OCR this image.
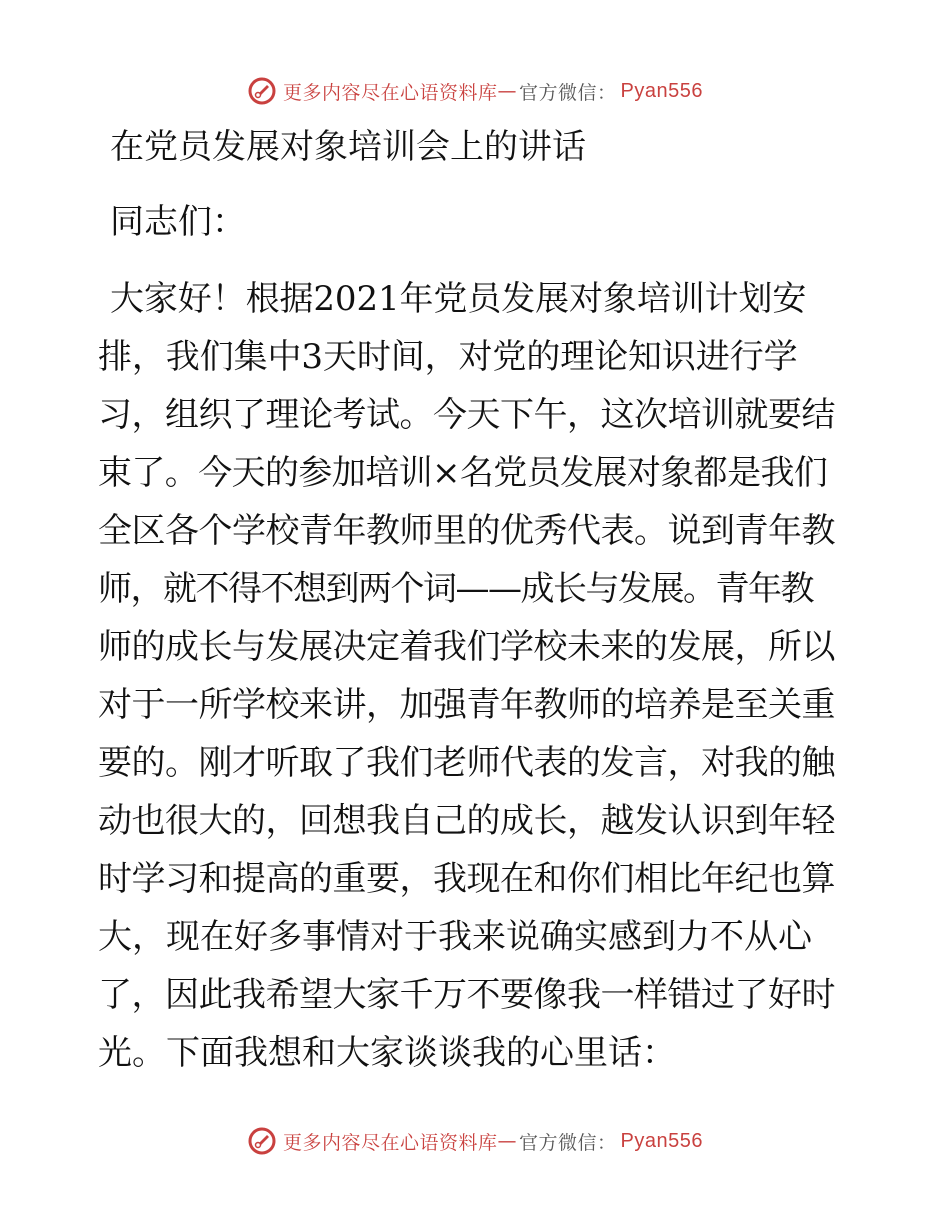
更多内容尽在心语资料库 — 官方微信： Pyan556
在党员发展对象培训会上的讲话
同志们：
大家好！根据2021年党员发展对象培训计划安
排，我们集中3天时间，对党的理论知识进行学
习，组织了理论考试。今天下午，这次培训就要结
束了。今天的参加培训×名党员发展对象都是我们
全区各个学校青年教师里的优秀代表。说到青年教
师，就不得不想到两个词——成长与发展。青年教
师的成长与发展决定着我们学校未来的发展，所以
对于一所学校来讲，加强青年教师的培养是至关重
要的。刚才听取了我们老师代表的发言，对我的触
动也很大的，回想我自己的成长，越发认识到年轻
时学习和提高的重要，我现在和你们相比年纪也算
大，现在好多事情对于我来说确实感到力不从心
了，因此我希望大家千万不要像我一样错过了好时
光。下面我想和大家谈谈我的心里话：
更多内容尽在心语资料库 — 官方微信： Pyan556
